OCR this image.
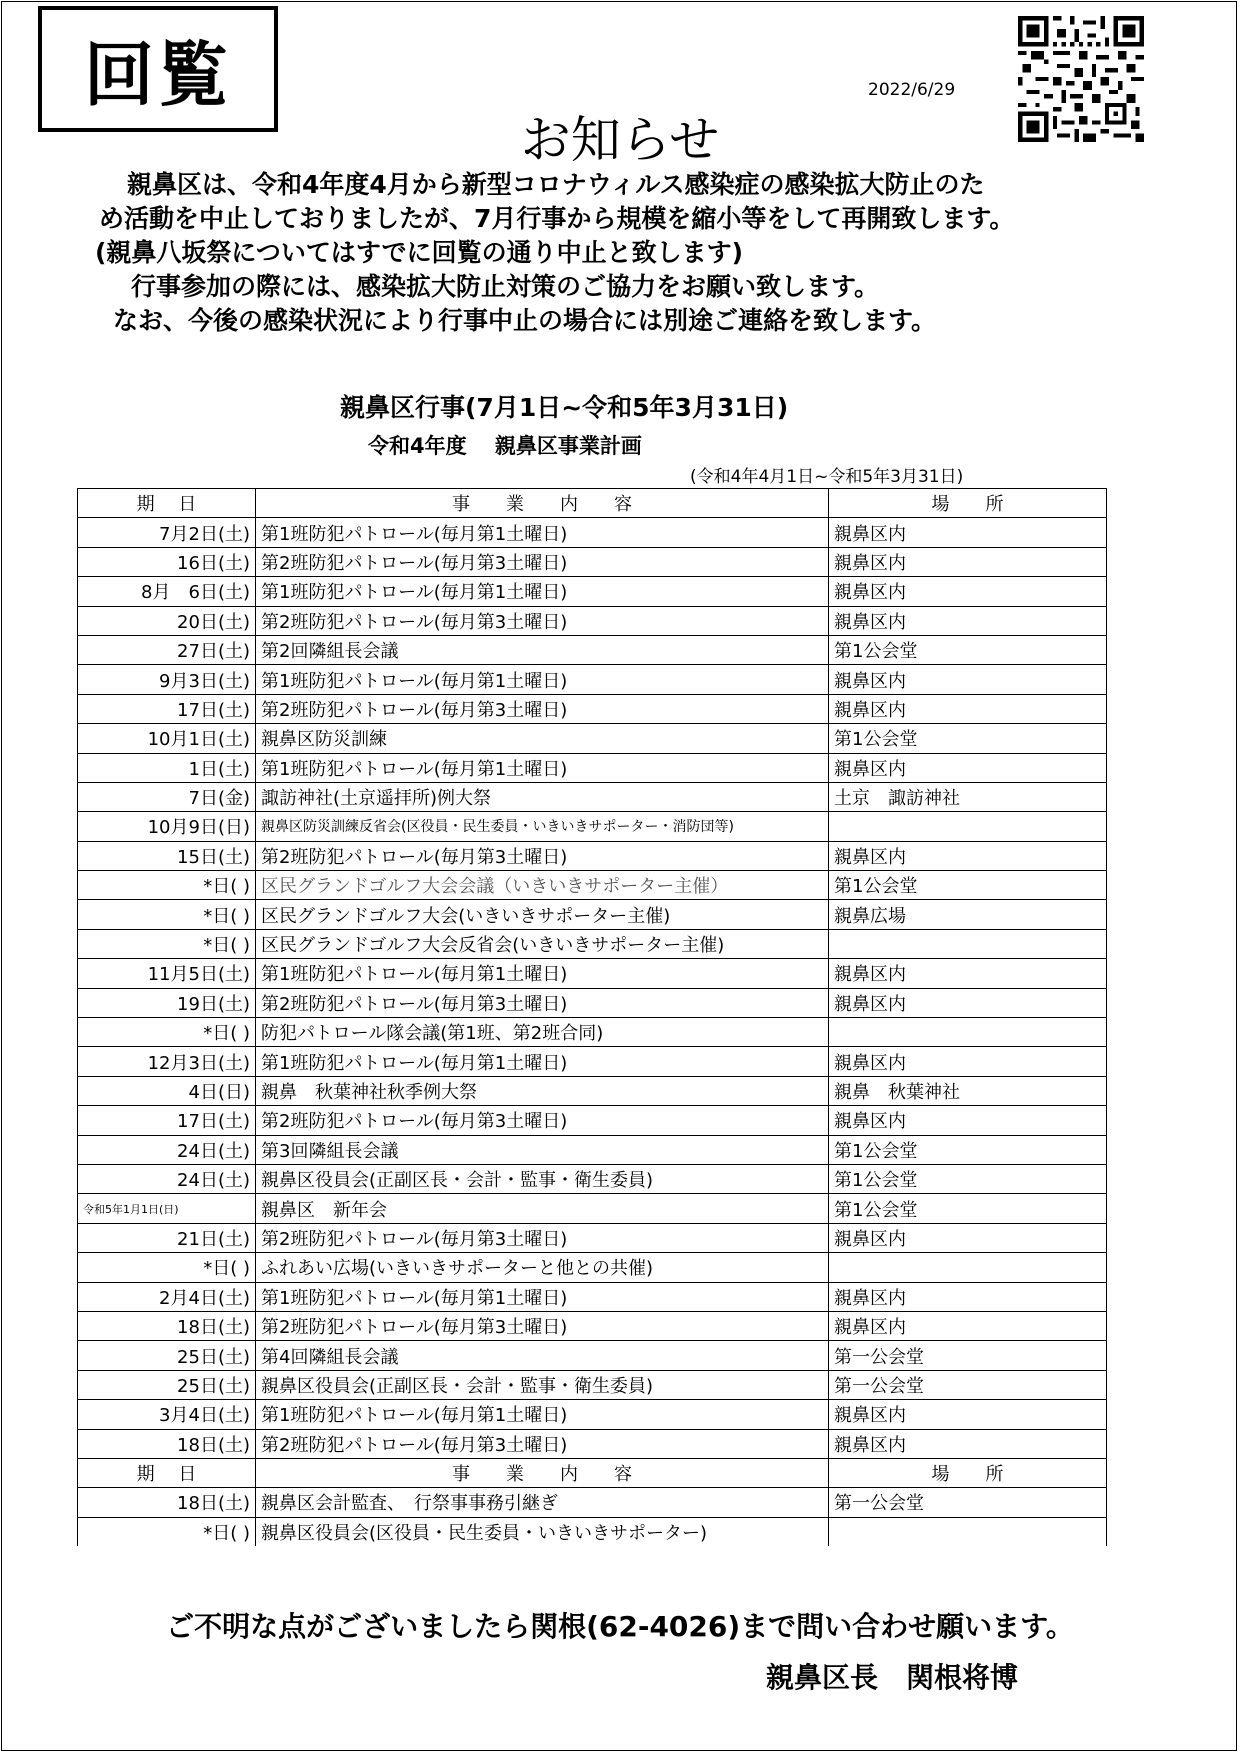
回覧	2022/6/29
お知らせ

親鼻区は、令和4年度4月から新型コロナウィルス感染症の感染拡大防止のた

め活動を中止しておりましたが、7月行事から規模を縮小等をして再開致します。

(親鼻八坂祭についてはすでに回覧の通り中止と致します)

行事参加の際には、感染拡大防止対策のご協力をお願い致します。

なお、今後の感染状況により行事中止の場合には別途ご連絡を致します。

親鼻区行事(7月1日~令和5年3月31日)
令和4年度　 親鼻区事業計画
(令和4年4月1日~令和5年3月31日)
期　 日	事　　業　　内　　容	場　　所
7月2日(土)	第1班防犯パトロール(毎月第1土曜日)	親鼻区内
16日(土)	第2班防犯パトロール(毎月第3土曜日)	親鼻区内
8月　6日(土)	第1班防犯パトロール(毎月第1土曜日)	親鼻区内
20日(土)	第2班防犯パトロール(毎月第3土曜日)	親鼻区内
27日(土)	第2回隣組長会議	第1公会堂
9月3日(土)	第1班防犯パトロール(毎月第1土曜日)	親鼻区内
17日(土)	第2班防犯パトロール(毎月第3土曜日)	親鼻区内
10月1日(土)	親鼻区防災訓練	第1公会堂
1日(土)	第1班防犯パトロール(毎月第1土曜日)	親鼻区内
7日(金)	諏訪神社(土京遥拝所)例大祭	土京　諏訪神社
10月9日(日)	親鼻区防災訓練反省会(区役員・民生委員・いきいきサポーター・消防団等)	
15日(土)	第2班防犯パトロール(毎月第3土曜日)	親鼻区内
*日( )	区民グランドゴルフ大会会議（いきいきサポーター主催）	第1公会堂
*日( )	区民グランドゴルフ大会(いきいきサポーター主催)	親鼻広場
*日( )	区民グランドゴルフ大会反省会(いきいきサポーター主催)	
11月5日(土)	第1班防犯パトロール(毎月第1土曜日)	親鼻区内
19日(土)	第2班防犯パトロール(毎月第3土曜日)	親鼻区内
*日( )	防犯パトロール隊会議(第1班、第2班合同)	
12月3日(土)	第1班防犯パトロール(毎月第1土曜日)	親鼻区内
4日(日)	親鼻　秋葉神社秋季例大祭	親鼻　秋葉神社
17日(土)	第2班防犯パトロール(毎月第3土曜日)	親鼻区内
24日(土)	第3回隣組長会議	第1公会堂
24日(土)	親鼻区役員会(正副区長・会計・監事・衛生委員)	第1公会堂
令和5年1月1日(日)	親鼻区　新年会	第1公会堂
21日(土)	第2班防犯パトロール(毎月第3土曜日)	親鼻区内
*日( )	ふれあい広場(いきいきサポーターと他との共催)	
2月4日(土)	第1班防犯パトロール(毎月第1土曜日)	親鼻区内
18日(土)	第2班防犯パトロール(毎月第3土曜日)	親鼻区内
25日(土)	第4回隣組長会議	第一公会堂
25日(土)	親鼻区役員会(正副区長・会計・監事・衛生委員)	第一公会堂
3月4日(土)	第1班防犯パトロール(毎月第1土曜日)	親鼻区内
18日(土)	第2班防犯パトロール(毎月第3土曜日)	親鼻区内
期　 日	事　　業　　内　　容	場　　所
18日(土)	親鼻区会計監査、　行祭事事務引継ぎ	第一公会堂
*日( )	親鼻区役員会(区役員・民生委員・いきいきサポーター)	
ご不明な点がございましたら関根(62-4026)まで問い合わせ願います。
親鼻区長　関根将博
